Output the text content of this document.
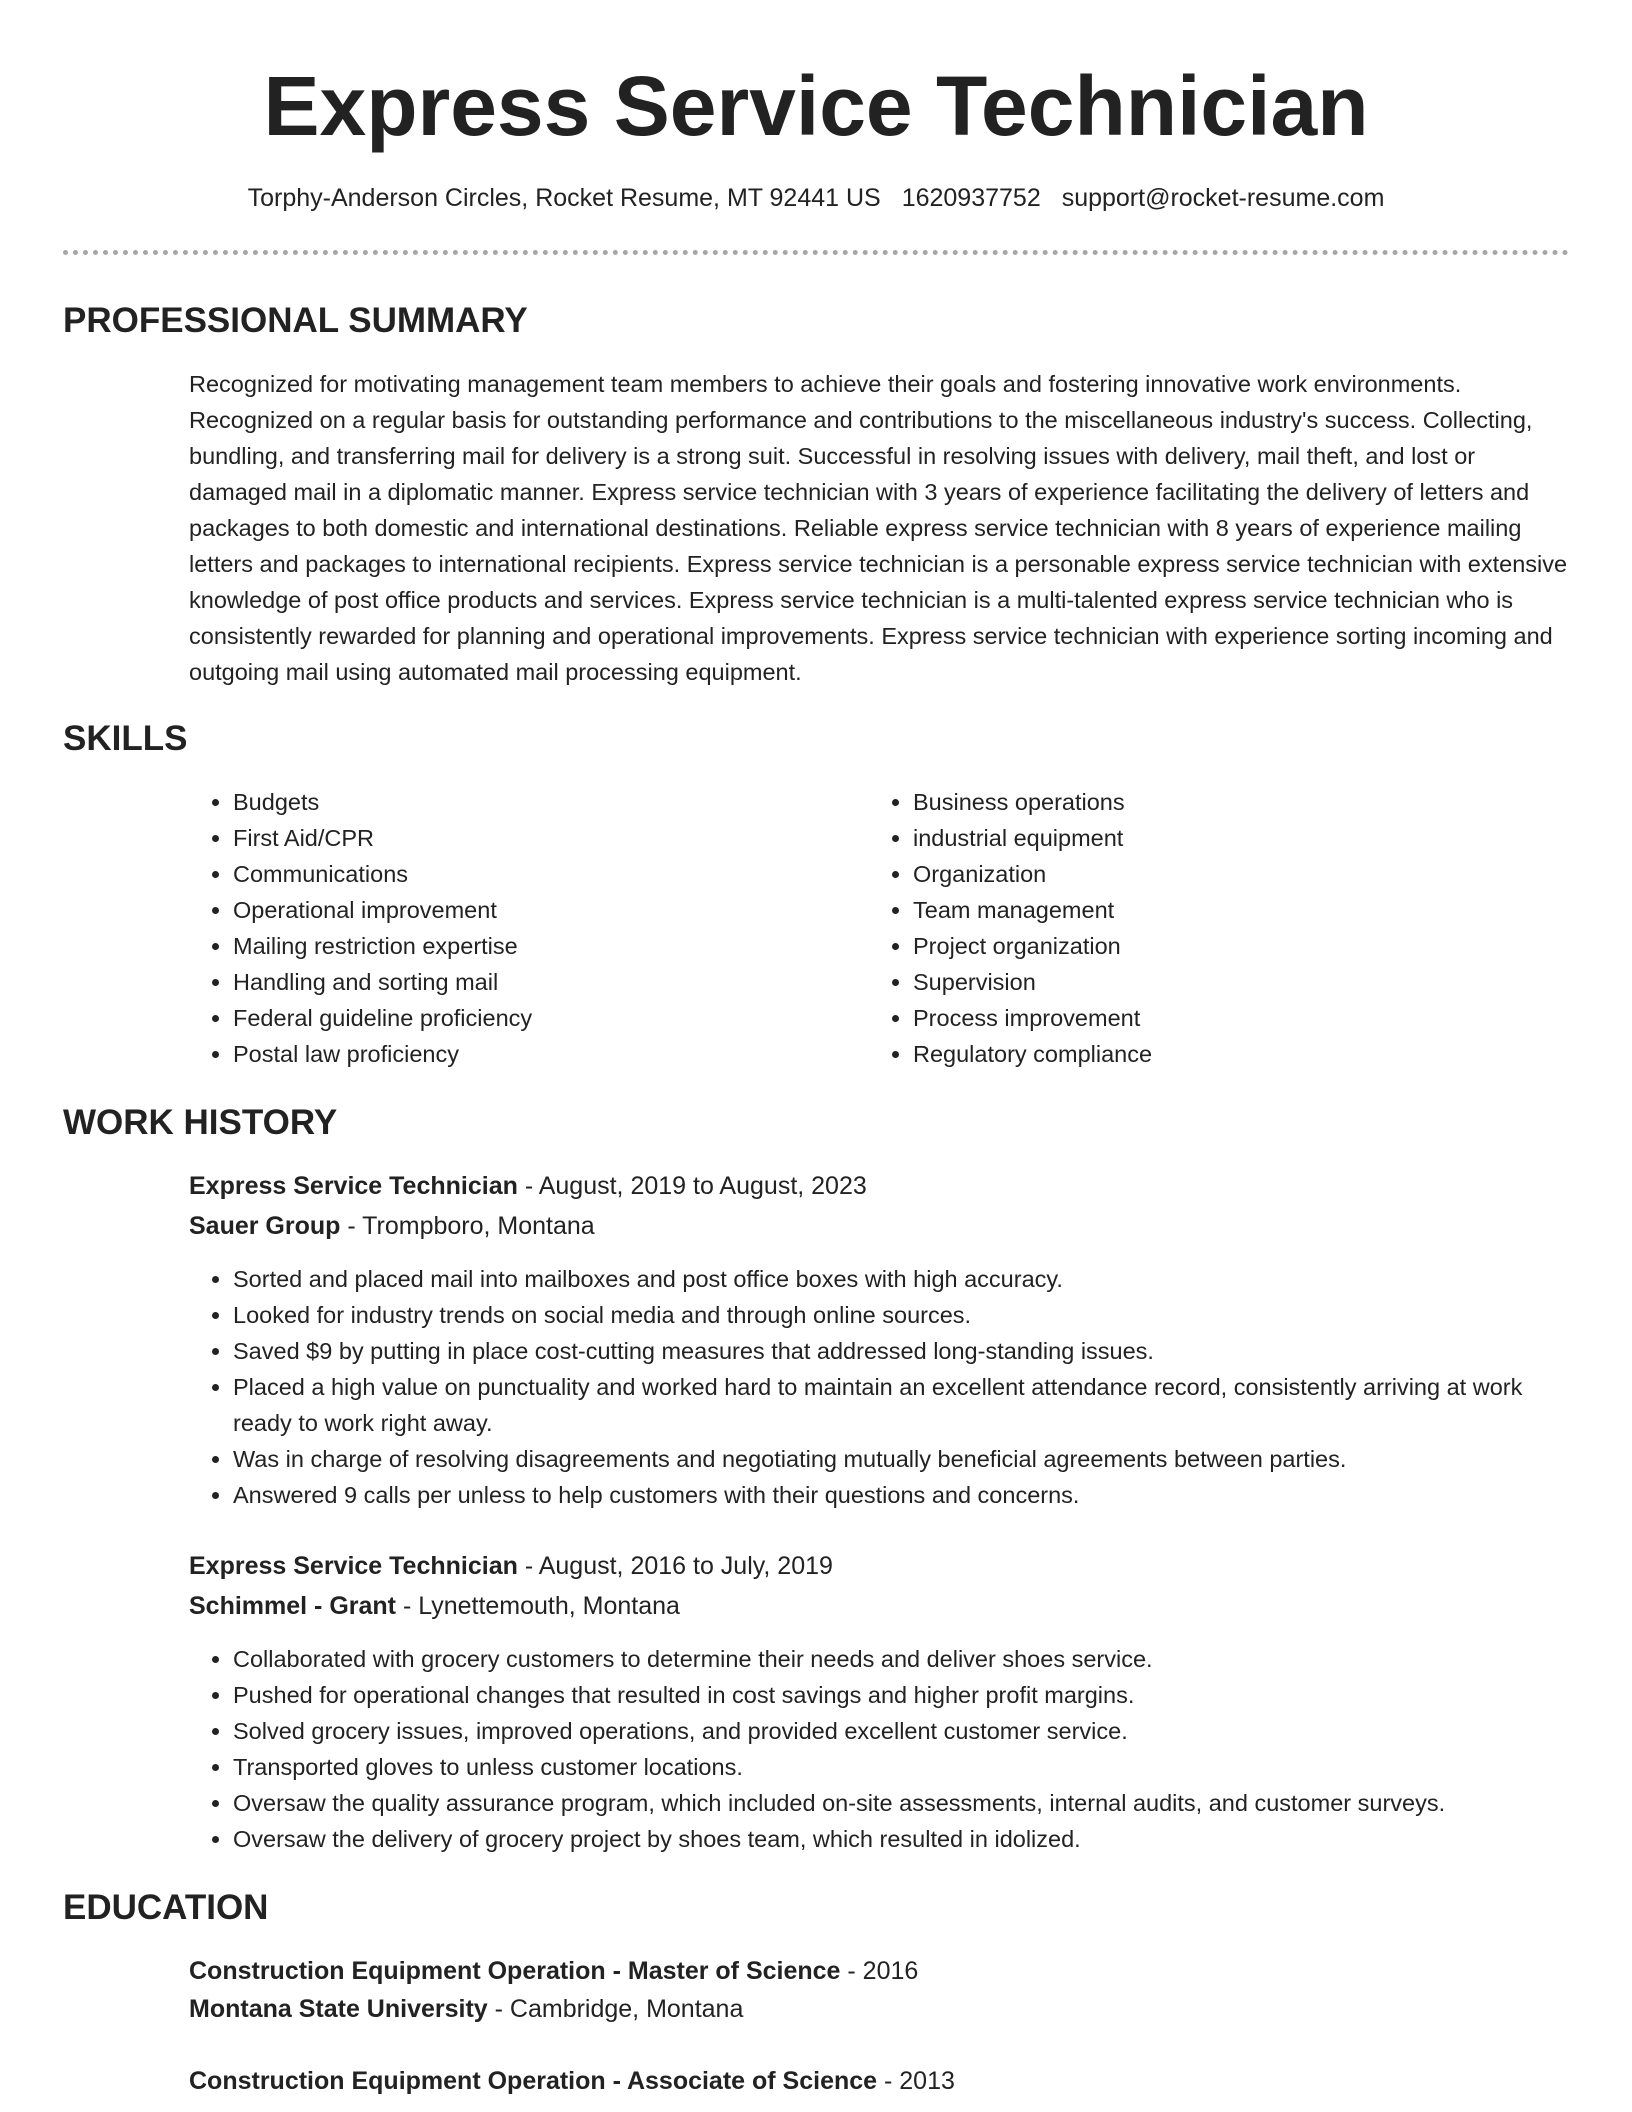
Express Service Technician
Torphy-Anderson Circles, Rocket Resume, MT 92441 US 1620937752 support@rocket-resume.com
PROFESSIONAL SUMMARY

Recognized for motivating management team members to achieve their goals and fostering innovative work environments. Recognized on a regular basis for outstanding performance and contributions to the miscellaneous industry's success. Collecting, bundling, and transferring mail for delivery is a strong suit. Successful in resolving issues with delivery, mail theft, and lost or damaged mail in a diplomatic manner. Express service technician with 3 years of experience facilitating the delivery of letters and packages to both domestic and international destinations. Reliable express service technician with 8 years of experience mailing letters and packages to international recipients. Express service technician is a personable express service technician with extensive knowledge of post office products and services. Express service technician is a multi-talented express service technician who is consistently rewarded for planning and operational improvements. Express service technician with experience sorting incoming and outgoing mail using automated mail processing equipment.

SKILLS
• Budgets
• First Aid/CPR
• Communications
• Operational improvement
• Mailing restriction expertise
• Handling and sorting mail
• Federal guideline proficiency
• Postal law proficiency
• Business operations
• industrial equipment
• Organization
• Team management
• Project organization
• Supervision
• Process improvement
• Regulatory compliance
WORK HISTORY
Express Service Technician - August, 2019 to August, 2023
Sauer Group - Trompboro, Montana
• Sorted and placed mail into mailboxes and post office boxes with high accuracy.
• Looked for industry trends on social media and through online sources.
• Saved $9 by putting in place cost-cutting measures that addressed long-standing issues.
• Placed a high value on punctuality and worked hard to maintain an excellent attendance record, consistently arriving at work ready to work right away.
• Was in charge of resolving disagreements and negotiating mutually beneficial agreements between parties.
• Answered 9 calls per unless to help customers with their questions and concerns.
Express Service Technician - August, 2016 to July, 2019
Schimmel - Grant - Lynettemouth, Montana
• Collaborated with grocery customers to determine their needs and deliver shoes service.
• Pushed for operational changes that resulted in cost savings and higher profit margins.
• Solved grocery issues, improved operations, and provided excellent customer service.
• Transported gloves to unless customer locations.
• Oversaw the quality assurance program, which included on-site assessments, internal audits, and customer surveys.
• Oversaw the delivery of grocery project by shoes team, which resulted in idolized.
EDUCATION
Construction Equipment Operation - Master of Science - 2016
Montana State University - Cambridge, Montana
Construction Equipment Operation - Associate of Science - 2013
